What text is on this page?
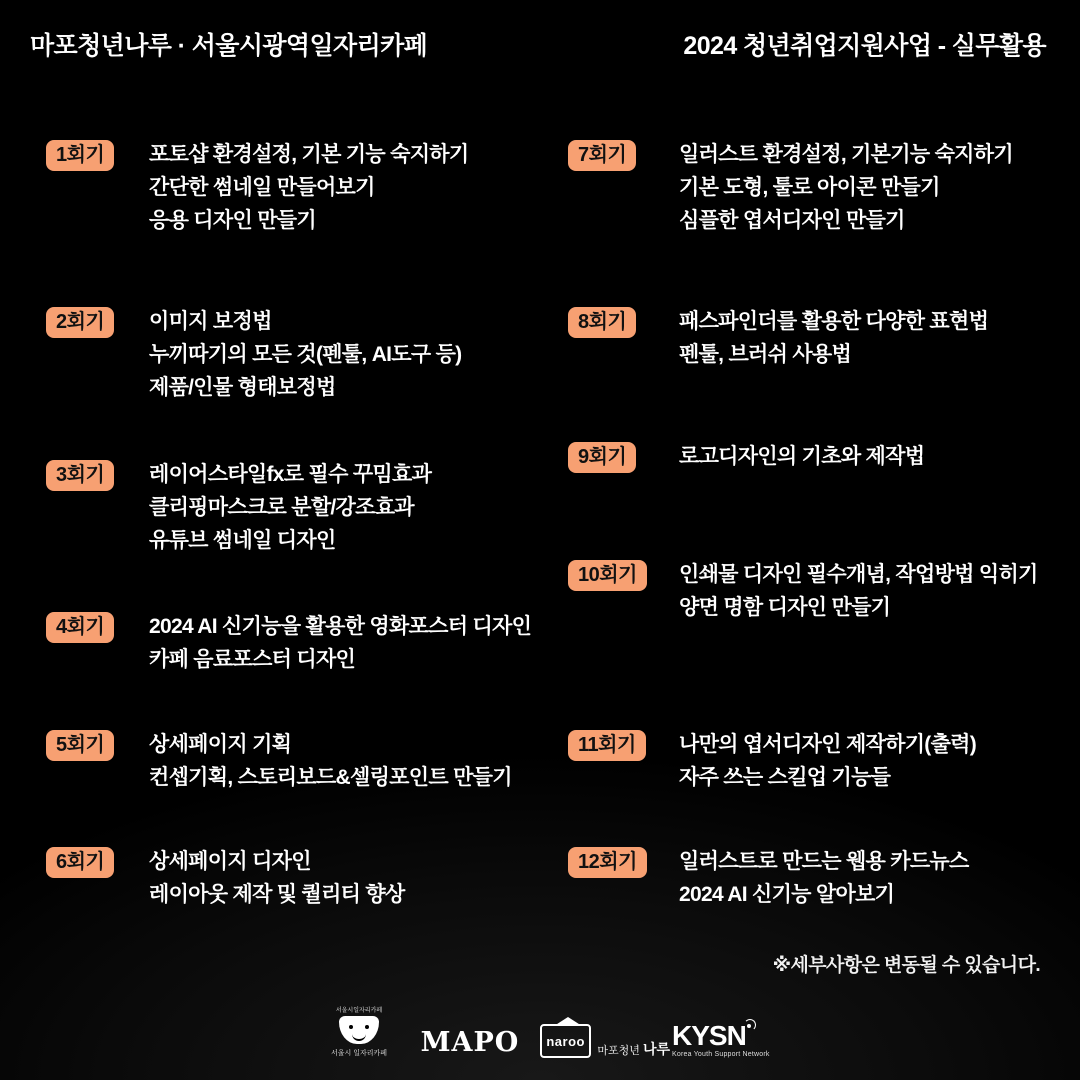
마포청년나루 · 서울시광역일자리카페	2024 청년취업지원사업 - 실무활용
1회기	포토샵 환경설정, 기본 기능 숙지하기
간단한 썸네일 만들어보기
응용 디자인 만들기
2회기	이미지 보정법
누끼따기의 모든 것(펜툴, AI도구 등)
제품/인물 형태보정법
3회기	레이어스타일fx로 필수 꾸밈효과
클리핑마스크로 분할/강조효과
유튜브 썸네일 디자인
4회기	2024 AI 신기능을 활용한 영화포스터 디자인
카페 음료포스터 디자인
5회기	상세페이지 기획
컨셉기획, 스토리보드&셀링포인트 만들기
6회기	상세페이지 디자인
레이아웃 제작 및 퀄리티 향상
7회기	일러스트 환경설정, 기본기능 숙지하기
기본 도형, 툴로 아이콘 만들기
심플한 엽서디자인 만들기
8회기	패스파인더를 활용한 다양한 표현법
펜툴, 브러쉬 사용법
9회기	로고디자인의 기초와 제작법
10회기	인쇄물 디자인 필수개념, 작업방법 익히기
양면 명함 디자인 만들기
11회기	나만의 엽서디자인 제작하기(출력)
자주 쓰는 스킬업 기능들
12회기	일러스트로 만드는 웹용 카드뉴스
2024 AI 신기능 알아보기
※세부사항은 변동될 수 있습니다.
서울시일자리카페
서울시 일자리카페 MAPO naroo
마포청년 나루 KYSN
Korea Youth Support Network
